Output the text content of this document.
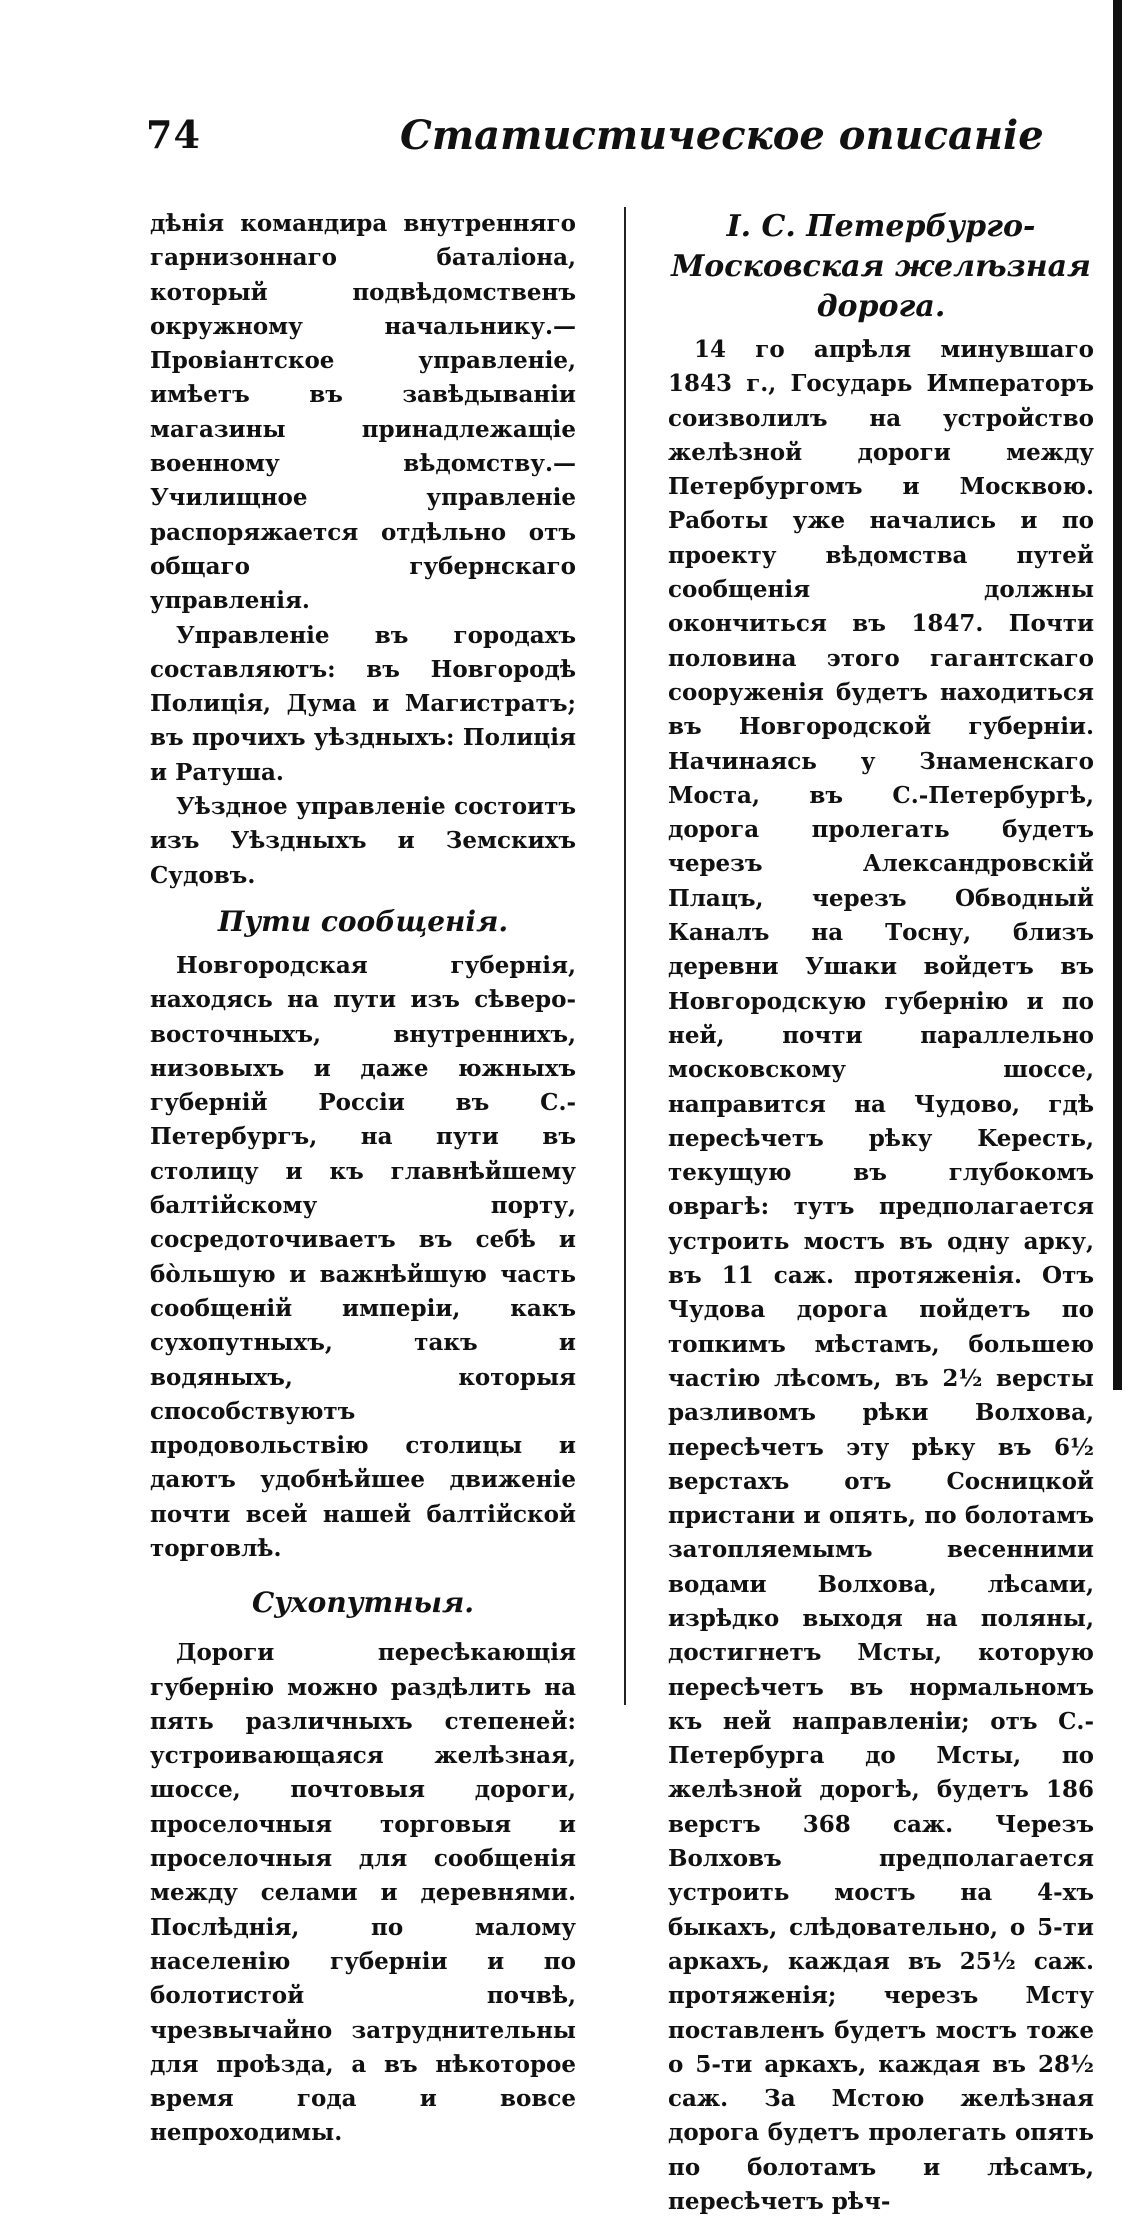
74	Статистическое описаніе

дѣнія командира внутренняго гарнизоннаго баталіона, который подвѣдомственъ окружному начальнику.— Провіантское управленіе, имѣетъ въ завѣдываніи магазины принадлежащіе военному вѣдомству.—Училищное управленіе распоряжается отдѣльно отъ общаго губернскаго управленія.

Управленіе въ городахъ составляютъ: въ Новгородѣ Полиція, Дума и Магистратъ; въ прочихъ уѣздныхъ: Полиція и Ратуша.

Уѣздное управленіе состоитъ изъ Уѣздныхъ и Земскихъ Судовъ.

Пути сообщенія.

Новгородская губернія, находясь на пути изъ сѣверо-восточныхъ, внутреннихъ, низовыхъ и даже южныхъ губерній Россіи въ С.-Петербургъ, на пути въ столицу и къ главнѣйшему балтійскому порту, сосредоточиваетъ въ себѣ и бòльшую и важнѣйшую часть сообщеній имперіи, какъ сухопутныхъ, такъ и водяныхъ, которыя способствуютъ продовольствію столицы и даютъ удобнѣйшее движеніе почти всей нашей балтійской торговлѣ.

Сухопутныя.

Дороги пересѣкающія губернію можно раздѣлить на пять различныхъ степеней: устроивающаяся желѣзная, шоссе, почтовыя дороги, проселочныя торговыя и проселочныя для сообщенія между селами и деревнями. Послѣднія, по малому населенію губерніи и по болотистой почвѣ, чрезвычайно затруднительны для проѣзда, а въ нѣкоторое время года и вовсе непроходимы.

I. С. Петербурго-Московская желѣзная дорога.

14 го апрѣля минувшаго 1843 г., Государь Императоръ соизволилъ на устройство желѣзной дороги между Петербургомъ и Москвою. Работы уже начались и по проекту вѣдомства путей сообщенія должны окончиться въ 1847. Почти половина этого гагантскаго сооруженія будетъ находиться въ Новгородской губерніи. Начинаясь у Знаменскаго Моста, въ С.-Петербургѣ, дорога пролегать будетъ черезъ Александровскій Плацъ, черезъ Обводный Каналъ на Тосну, близъ деревни Ушаки войдетъ въ Новгородскую губернію и по ней, почти параллельно московскому шоссе, направится на Чудово, гдѣ пересѣчетъ рѣку Keресть, текущую въ глубокомъ оврагѣ: тутъ предполагается устроить мостъ въ одну арку, въ 11 саж. протяженія. Отъ Чудова дорога пойдетъ по топкимъ мѣстамъ, большею частію лѣсомъ, въ 2½ версты разливомъ рѣки Волхова, пересѣчетъ эту рѣку въ 6½ верстахъ отъ Сосницкой пристани и опять, по болотамъ затопляемымъ весенними водами Волхова, лѣсами, изрѣдко выходя на поляны, достигнетъ Мсты, которую пересѣчетъ въ нормальномъ къ ней направленіи; отъ С.-Петербурга до Мсты, по желѣзной дорогѣ, будетъ 186 верстъ 368 саж. Черезъ Волховъ предполагается устроить мостъ на 4-хъ быкахъ, слѣдовательно, о 5-ти аркахъ, каждая въ 25½ саж. протяженія; черезъ Мсту поставленъ будетъ мостъ тоже о 5-ти аркахъ, каждая въ 28½ саж. За Мстою желѣзная дорога будетъ пролегать опять по болотамъ и лѣсамъ, пересѣчетъ рѣч-
